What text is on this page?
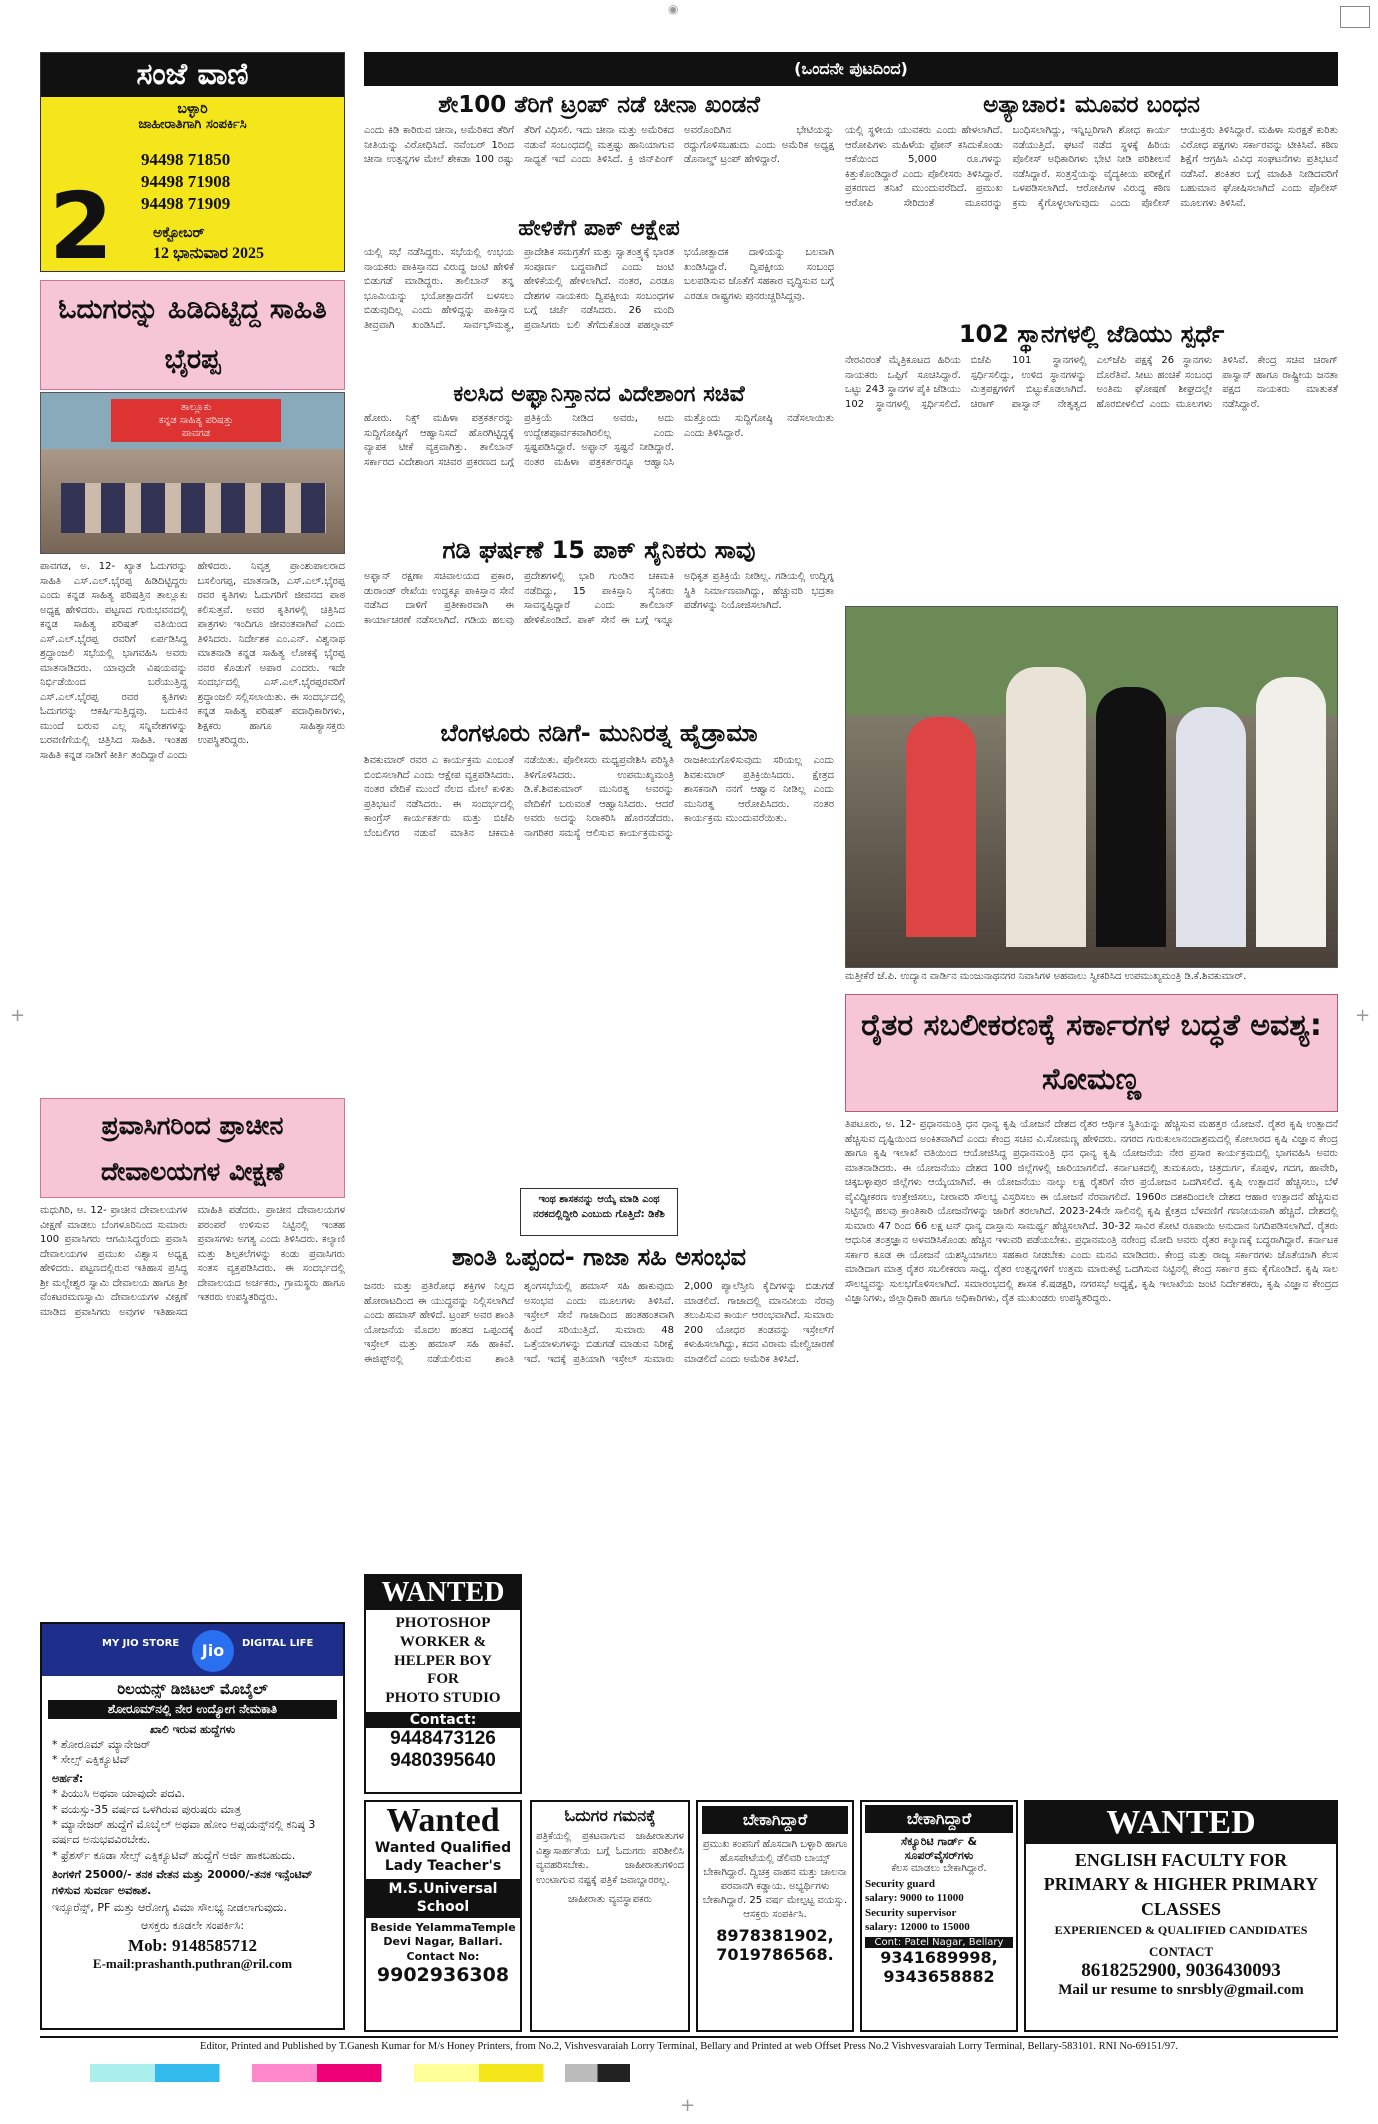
◉
+	+
+
ಸಂಜೆ ವಾಣಿ
ಬಳ್ಳಾರಿ
ಜಾಹೀರಾತಿಗಾಗಿ ಸಂಪರ್ಕಿಸಿ
2
94498 71850
94498 71908
94498 71909
ಅಕ್ಟೋಬರ್
12 ಭಾನುವಾರ 2025
ಓದುಗರನ್ನು ಹಿಡಿದಿಟ್ಟಿದ್ದ ಸಾಹಿತಿ ಭೈರಪ್ಪ
ತಾಲ್ಲೂಕು
ಕನ್ನಡ ಸಾಹಿತ್ಯ ಪರಿಷತ್ತು
ಪಾವಗಡ
ಪಾವಗಡ, ಅ. 12- ಖ್ಯಾತ ಓದುಗರನ್ನು ಸಾಹಿತಿ ಎಸ್.ಎಲ್.ಭೈರಪ್ಪ ಹಿಡಿದಿಟ್ಟಿದ್ದರು ಎಂದು ಕನ್ನಡ ಸಾಹಿತ್ಯ ಪರಿಷತ್ತಿನ ತಾಲ್ಲೂಕು ಅಧ್ಯಕ್ಷ ಹೇಳಿದರು. ಪಟ್ಟಣದ ಗುರುಭವನದಲ್ಲಿ ಕನ್ನಡ ಸಾಹಿತ್ಯ ಪರಿಷತ್ ವತಿಯಿಂದ ಎಸ್.ಎಲ್.ಭೈರಪ್ಪ ರವರಿಗೆ ಏರ್ಪಡಿಸಿದ್ದ ಶ್ರದ್ಧಾಂಜಲಿ ಸಭೆಯಲ್ಲಿ ಭಾಗವಹಿಸಿ ಅವರು ಮಾತನಾಡಿದರು. ಯಾವುದೇ ವಿಷಯವನ್ನು ನಿರ್ಭಿಡೆಯಿಂದ ಬರೆಯುತ್ತಿದ್ದ ಎಸ್.ಎಲ್.ಭೈರಪ್ಪ ರವರ ಕೃತಿಗಳು ಓದುಗರನ್ನು ಆಕರ್ಷಿಸುತ್ತಿದ್ದವು. ಬದುಕಿನ ಮುಂದೆ ಬರುವ ಎಲ್ಲ ಸನ್ನಿವೇಶಗಳನ್ನು ಬರವಣಿಗೆಯಲ್ಲಿ ಚಿತ್ರಿಸಿದ ಸಾಹಿತಿ. ಇಂತಹ ಸಾಹಿತಿ ಕನ್ನಡ ನಾಡಿಗೆ ಕೀರ್ತಿ ತಂದಿದ್ದಾರೆ ಎಂದು ಹೇಳಿದರು. ನಿವೃತ್ತ ಪ್ರಾಂಶುಪಾಲರಾದ ಬಸಲಿಂಗಪ್ಪ, ಮಾತನಾಡಿ, ಎಸ್.ಎಲ್.ಭೈರಪ್ಪ ರವರ ಕೃತಿಗಳು ಓದುಗರಿಗೆ ಜೀವನದ ಪಾಠ ಕಲಿಸುತ್ತವೆ. ಅವರ ಕೃತಿಗಳಲ್ಲಿ ಚಿತ್ರಿಸಿದ ಪಾತ್ರಗಳು ಇಂದಿಗೂ ಜೀವಂತವಾಗಿವೆ ಎಂದು ತಿಳಿಸಿದರು. ನಿರ್ದೇಶಕ ಎಂ.ಎನ್. ವಿಶ್ವನಾಥ ಮಾತನಾಡಿ ಕನ್ನಡ ಸಾಹಿತ್ಯ ಲೋಕಕ್ಕೆ ಭೈರಪ್ಪ ನವರ ಕೊಡುಗೆ ಅಪಾರ ಎಂದರು. ಇದೇ ಸಂದರ್ಭದಲ್ಲಿ ಎಸ್.ಎಲ್.ಭೈರಪ್ಪರವರಿಗೆ ಶ್ರದ್ಧಾಂಜಲಿ ಸಲ್ಲಿಸಲಾಯಿತು. ಈ ಸಂದರ್ಭದಲ್ಲಿ ಕನ್ನಡ ಸಾಹಿತ್ಯ ಪರಿಷತ್ ಪದಾಧಿಕಾರಿಗಳು, ಶಿಕ್ಷಕರು ಹಾಗೂ ಸಾಹಿತ್ಯಾಸಕ್ತರು ಉಪಸ್ಥಿತರಿದ್ದರು.
ಪ್ರವಾಸಿಗರಿಂದ ಪ್ರಾಚೀನ ದೇವಾಲಯಗಳ ವೀಕ್ಷಣೆ
ಮಧುಗಿರಿ, ಅ. 12- ಪ್ರಾಚೀನ ದೇವಾಲಯಗಳ ವೀಕ್ಷಣೆ ಮಾಡಲು ಬೆಂಗಳೂರಿನಿಂದ ಸುಮಾರು 100 ಪ್ರವಾಸಿಗರು ಆಗಮಿಸಿದ್ದರೆಂದು ಪ್ರವಾಸಿ ದೇವಾಲಯಗಳ ಪ್ರಮುಖ ವಿಶ್ವಾಸ ಅಧ್ಯಕ್ಷ ಹೇಳಿದರು. ಪಟ್ಟಣದಲ್ಲಿರುವ ಇತಿಹಾಸ ಪ್ರಸಿದ್ಧ ಶ್ರೀ ಮಲ್ಲೇಶ್ವರ ಸ್ವಾಮಿ ದೇವಾಲಯ ಹಾಗೂ ಶ್ರೀ ವೆಂಕಟರಮಣಸ್ವಾಮಿ ದೇವಾಲಯಗಳ ವೀಕ್ಷಣೆ ಮಾಡಿದ ಪ್ರವಾಸಿಗರು ಅವುಗಳ ಇತಿಹಾಸದ ಮಾಹಿತಿ ಪಡೆದರು. ಪ್ರಾಚೀನ ದೇವಾಲಯಗಳ ಪರಂಪರೆ ಉಳಿಸುವ ನಿಟ್ಟಿನಲ್ಲಿ ಇಂತಹ ಪ್ರವಾಸಗಳು ಅಗತ್ಯ ಎಂದು ತಿಳಿಸಿದರು. ಕಲ್ಯಾಣಿ ಮತ್ತು ಶಿಲ್ಪಕಲೆಗಳನ್ನು ಕಂಡು ಪ್ರವಾಸಿಗರು ಸಂತಸ ವ್ಯಕ್ತಪಡಿಸಿದರು. ಈ ಸಂದರ್ಭದಲ್ಲಿ ದೇವಾಲಯದ ಅರ್ಚಕರು, ಗ್ರಾಮಸ್ಥರು ಹಾಗೂ ಇತರರು ಉಪಸ್ಥಿತರಿದ್ದರು.
MY JIO STORE	Jio	DIGITAL LIFE
ರಿಲಯನ್ಸ್ ಡಿಜಿಟಲ್ ಮೊಬೈಲ್
ಶೋರೂಮ್‌ನಲ್ಲಿ ನೇರ ಉದ್ಯೋಗ ನೇಮಕಾತಿ
ಖಾಲಿ ಇರುವ ಹುದ್ದೆಗಳು
* ಶೋರೂಮ್ ಮ್ಯಾನೇಜರ್
* ಸೇಲ್ಸ್ ಎಕ್ಸಿಕ್ಯೂಟಿವ್
ಅರ್ಹತೆ:
* ಪಿಯುಸಿ ಅಥವಾ ಯಾವುದೇ ಪದವಿ.
* ವಯಸ್ಸು-35 ವರ್ಷದ ಒಳಗಿರುವ ಪುರುಷರು ಮಾತ್ರ
* ಮ್ಯಾನೇಜರ್ ಹುದ್ದೆಗೆ ಮೊಬೈಲ್ ಅಥವಾ ಹೋಂ ಅಪ್ಲಯನ್ಸ್‌ನಲ್ಲಿ ಕನಿಷ್ಠ 3 ವರ್ಷದ ಅನುಭವವಿರಬೇಕು.
* ಫ್ರೆಶರ್ಸ್ ಕೂಡಾ ಸೇಲ್ಸ್ ಎಕ್ಸಿಕ್ಯೂಟಿವ್ ಹುದ್ದೆಗೆ ಅರ್ಜಿ ಹಾಕಬಹುದು.
ತಿಂಗಳಿಗೆ 25000/- ತನಕ ವೇತನ ಮತ್ತು 20000/-ತನಕ ಇನ್ಸೆಂಟಿವ್ ಗಳಿಸುವ ಸುವರ್ಣ ಅವಕಾಶ.
ಇನ್ಸೂರೆನ್ಸ್, PF ಮತ್ತು ಆರೋಗ್ಯ ವಿಮಾ ಸೌಲಭ್ಯ ನೀಡಲಾಗುವುದು.
ಆಸಕ್ತರು ಕೂಡಲೇ ಸಂಪರ್ಕಿಸಿ:
Mob: 9148585712
E-mail:prashanth.puthran@ril.com
(ಒಂದನೇ ಪುಟದಿಂದ)
ಶೇ100 ತೆರಿಗೆ ಟ್ರಂಪ್ ನಡೆ ಚೀನಾ ಖಂಡನೆ
ಎಂದು ಕಿಡಿ ಕಾರಿರುವ ಚೀನಾ, ಅಮೆರಿಕದ ತೆರಿಗೆ ನೀತಿಯನ್ನು ವಿರೋಧಿಸಿದೆ. ನವೆಂಬರ್ 1ರಿಂದ ಚೀನಾ ಉತ್ಪನ್ನಗಳ ಮೇಲೆ ಶೇಕಡಾ 100 ರಷ್ಟು ತೆರಿಗೆ ವಿಧಿಸಲಿ. ಇದು ಚೀನಾ ಮತ್ತು ಅಮೆರಿಕದ ನಡುವೆ ಸಂಬಂಧದಲ್ಲಿ ಮತ್ತಷ್ಟು ಹಾನಿಯಾಗುವ ಸಾಧ್ಯತೆ ಇದೆ ಎಂದು ತಿಳಿಸಿದೆ. ಕ್ರಿ ಜಿನ್‌ಪಿಂಗ್ ಅವರೊಂದಿಗಿನ ಭೇಟಿಯನ್ನು ರದ್ದುಗೊಳಿಸಬಹುದು ಎಂದು ಅಮೆರಿಕ ಅಧ್ಯಕ್ಷ ಡೊನಾಲ್ಡ್ ಟ್ರಂಪ್ ಹೇಳಿದ್ದಾರೆ.
ಹೇಳಿಕೆಗೆ ಪಾಕ್ ಆಕ್ಷೇಪ
ಯಲ್ಲಿ ಸಭೆ ನಡೆಸಿದ್ದರು. ಸಭೆಯಲ್ಲಿ ಉಭಯ ನಾಯಕರು ಪಾಕಿಸ್ತಾನದ ವಿರುದ್ಧ ಜಂಟಿ ಹೇಳಿಕೆ ಬಿಡುಗಡೆ ಮಾಡಿದ್ದರು. ತಾಲಿಬಾನ್ ತನ್ನ ಭೂಮಿಯನ್ನು ಭಯೋತ್ಪಾದನೆಗೆ ಬಳಸಲು ಬಿಡುವುದಿಲ್ಲ ಎಂದು ಹೇಳಿದ್ದನ್ನು ಪಾಕಿಸ್ತಾನ ತೀವ್ರವಾಗಿ ಖಂಡಿಸಿದೆ. ಸಾರ್ವಭೌಮತ್ವ, ಪ್ರಾದೇಶಿಕ ಸಮಗ್ರತೆಗೆ ಮತ್ತು ಸ್ವಾತಂತ್ರ್ಯಕ್ಕೆ ಭಾರತ ಸಂಪೂರ್ಣ ಬದ್ಧವಾಗಿದೆ ಎಂದು ಜಂಟಿ ಹೇಳಿಕೆಯಲ್ಲಿ ಹೇಳಲಾಗಿದೆ. ನಂತರ, ಎರಡೂ ದೇಶಗಳ ನಾಯಕರು ದ್ವಿಪಕ್ಷೀಯ ಸಂಬಂಧಗಳ ಬಗ್ಗೆ ಚರ್ಚೆ ನಡೆಸಿದರು. 26 ಮಂದಿ ಪ್ರವಾಸಿಗರು ಬಲಿ ತೆಗೆದುಕೊಂಡ ಪಹಲ್ಗಾಮ್ ಭಯೋತ್ಪಾದಕ ದಾಳಿಯನ್ನು ಬಲವಾಗಿ ಖಂಡಿಸಿದ್ದಾರೆ. ದ್ವಿಪಕ್ಷೀಯ ಸಂಬಂಧ ಬಲಪಡಿಸುವ ಜೊತೆಗೆ ಸಹಕಾರ ವೃದ್ಧಿಸುವ ಬಗ್ಗೆ ಎರಡೂ ರಾಷ್ಟ್ರಗಳು ಪುನರುಚ್ಚರಿಸಿದ್ದವು.
ಕಲಸಿದ ಅಫ್ಘಾನಿಸ್ತಾನದ ವಿದೇಶಾಂಗ ಸಚಿವೆ
ಹೋರು. ನಿಕ್ಸ್ ಮಹಿಳಾ ಪತ್ರಕರ್ತರನ್ನು ಸುದ್ದಿಗೋಷ್ಠಿಗೆ ಆಹ್ವಾನಿಸದೆ ಹೊರಗಿಟ್ಟಿದ್ದಕ್ಕೆ ವ್ಯಾಪಕ ಟೀಕೆ ವ್ಯಕ್ತವಾಗಿತ್ತು. ತಾಲಿಬಾನ್ ಸರ್ಕಾರದ ವಿದೇಶಾಂಗ ಸಚಿವರ ಪ್ರಕರಣದ ಬಗ್ಗೆ ಪ್ರತಿಕ್ರಿಯೆ ನೀಡಿದ ಅವರು, ಅದು ಉದ್ದೇಶಪೂರ್ವಕವಾಗಿರಲಿಲ್ಲ ಎಂದು ಸ್ಪಷ್ಟಪಡಿಸಿದ್ದಾರೆ. ಅಫ್ಘಾನ್ ಸ್ಪಷ್ಟನೆ ನೀಡಿದ್ದಾರೆ. ನಂತರ ಮಹಿಳಾ ಪತ್ರಕರ್ತರನ್ನೂ ಆಹ್ವಾನಿಸಿ ಮತ್ತೊಂದು ಸುದ್ದಿಗೋಷ್ಠಿ ನಡೆಸಲಾಯಿತು ಎಂದು ತಿಳಿಸಿದ್ದಾರೆ.
ಗಡಿ ಘರ್ಷಣೆ 15 ಪಾಕ್ ಸೈನಿಕರು ಸಾವು
ಅಫ್ಘಾನ್ ರಕ್ಷಣಾ ಸಚಿವಾಲಯದ ಪ್ರಕಾರ, ಡುರಾಂಡ್ ರೇಖೆಯ ಉದ್ದಕ್ಕೂ ಪಾಕಿಸ್ತಾನ ಸೇನೆ ನಡೆಸಿದ ದಾಳಿಗೆ ಪ್ರತೀಕಾರವಾಗಿ ಈ ಕಾರ್ಯಾಚರಣೆ ನಡೆಸಲಾಗಿದೆ. ಗಡಿಯ ಹಲವು ಪ್ರದೇಶಗಳಲ್ಲಿ ಭಾರಿ ಗುಂಡಿನ ಚಕಮಕಿ ನಡೆದಿದ್ದು, 15 ಪಾಕಿಸ್ತಾನಿ ಸೈನಿಕರು ಸಾವನ್ನಪ್ಪಿದ್ದಾರೆ ಎಂದು ತಾಲಿಬಾನ್ ಹೇಳಿಕೊಂಡಿದೆ. ಪಾಕ್ ಸೇನೆ ಈ ಬಗ್ಗೆ ಇನ್ನೂ ಅಧಿಕೃತ ಪ್ರತಿಕ್ರಿಯೆ ನೀಡಿಲ್ಲ. ಗಡಿಯಲ್ಲಿ ಉದ್ವಿಗ್ನ ಸ್ಥಿತಿ ನಿರ್ಮಾಣವಾಗಿದ್ದು, ಹೆಚ್ಚುವರಿ ಭದ್ರತಾ ಪಡೆಗಳನ್ನು ನಿಯೋಜಿಸಲಾಗಿದೆ.
ಬೆಂಗಳೂರು ನಡಿಗೆ- ಮುನಿರತ್ನ ಹೈಡ್ರಾಮಾ
ಶಿವಕುಮಾರ್ ರವರ ಎ ಕಾರ್ಯಕ್ರಮ ಎಂಬಂತೆ ಬಿಂಬಿಸಲಾಗಿದೆ ಎಂದು ಆಕ್ಷೇಪ ವ್ಯಕ್ತಪಡಿಸಿದರು. ನಂತರ ವೇದಿಕೆ ಮುಂದೆ ನೆಲದ ಮೇಲೆ ಕುಳಿತು ಪ್ರತಿಭಟನೆ ನಡೆಸಿದರು. ಈ ಸಂದರ್ಭದಲ್ಲಿ ಕಾಂಗ್ರೆಸ್ ಕಾರ್ಯಕರ್ತರು ಮತ್ತು ಬಿಜೆಪಿ ಬೆಂಬಲಿಗರ ನಡುವೆ ಮಾತಿನ ಚಕಮಕಿ ನಡೆಯಿತು. ಪೊಲೀಸರು ಮಧ್ಯಪ್ರವೇಶಿಸಿ ಪರಿಸ್ಥಿತಿ ತಿಳಿಗೊಳಿಸಿದರು. ಉಪಮುಖ್ಯಮಂತ್ರಿ ಡಿ.ಕೆ.ಶಿವಕುಮಾರ್ ಮುನಿರತ್ನ ಅವರನ್ನು ವೇದಿಕೆಗೆ ಬರುವಂತೆ ಆಹ್ವಾನಿಸಿದರು. ಆದರೆ ಅವರು ಅದನ್ನು ನಿರಾಕರಿಸಿ ಹೊರನಡೆದರು. ನಾಗರಿಕರ ಸಮಸ್ಯೆ ಆಲಿಸುವ ಕಾರ್ಯಕ್ರಮವನ್ನು ರಾಜಕೀಯಗೊಳಿಸುವುದು ಸರಿಯಲ್ಲ ಎಂದು ಶಿವಕುಮಾರ್ ಪ್ರತಿಕ್ರಿಯಿಸಿದರು. ಕ್ಷೇತ್ರದ ಶಾಸಕನಾಗಿ ನನಗೆ ಆಹ್ವಾನ ನೀಡಿಲ್ಲ ಎಂದು ಮುನಿರತ್ನ ಆರೋಪಿಸಿದರು. ನಂತರ ಕಾರ್ಯಕ್ರಮ ಮುಂದುವರೆಯಿತು.
ಇಂಥ ಶಾಸಕನನ್ನು ಆಯ್ಕೆ ಮಾಡಿ ಎಂಥ ನರಕದಲ್ಲಿದ್ದೀರಿ ಎಂಬುದು ಗೊತ್ತಿದೆ: ಡಿಕೆಶಿ
ಶಾಂತಿ ಒಪ್ಪಂದ- ಗಾಜಾ ಸಹಿ ಅಸಂಭವ
ಜನರು ಮತ್ತು ಪ್ರತಿರೋಧ ಶಕ್ತಿಗಳ ನಿಲ್ಲದ ಹೋರಾಟದಿಂದ ಈ ಯುದ್ಧವನ್ನು ನಿಲ್ಲಿಸಲಾಗಿದೆ ಎಂದು ಹಮಾಸ್ ಹೇಳಿದೆ. ಟ್ರಂಪ್ ಅವರ ಶಾಂತಿ ಯೋಜನೆಯ ಮೊದಲ ಹಂತದ ಒಪ್ಪಂದಕ್ಕೆ ಇಸ್ರೇಲ್ ಮತ್ತು ಹಮಾಸ್ ಸಹಿ ಹಾಕಿವೆ. ಈಜಿಪ್ಟ್‌ನಲ್ಲಿ ನಡೆಯಲಿರುವ ಶಾಂತಿ ಶೃಂಗಸಭೆಯಲ್ಲಿ ಹಮಾಸ್ ಸಹಿ ಹಾಕುವುದು ಅಸಂಭವ ಎಂದು ಮೂಲಗಳು ತಿಳಿಸಿವೆ. ಇಸ್ರೇಲ್ ಸೇನೆ ಗಾಜಾದಿಂದ ಹಂತಹಂತವಾಗಿ ಹಿಂದೆ ಸರಿಯುತ್ತಿದೆ. ಸುಮಾರು 48 ಒತ್ತೆಯಾಳುಗಳನ್ನು ಬಿಡುಗಡೆ ಮಾಡುವ ನಿರೀಕ್ಷೆ ಇದೆ. ಇದಕ್ಕೆ ಪ್ರತಿಯಾಗಿ ಇಸ್ರೇಲ್ ಸುಮಾರು 2,000 ಪ್ಯಾಲೆಸ್ತೀನಿ ಕೈದಿಗಳನ್ನು ಬಿಡುಗಡೆ ಮಾಡಲಿದೆ. ಗಾಜಾದಲ್ಲಿ ಮಾನವೀಯ ನೆರವು ತಲುಪಿಸುವ ಕಾರ್ಯ ಆರಂಭವಾಗಿದೆ. ಸುಮಾರು 200 ಯೋಧರ ತಂಡವನ್ನು ಇಸ್ರೇಲ್‌ಗೆ ಕಳುಹಿಸಲಾಗಿದ್ದು, ಕದನ ವಿರಾಮ ಮೇಲ್ವಿಚಾರಣೆ ಮಾಡಲಿದೆ ಎಂದು ಅಮೆರಿಕ ತಿಳಿಸಿದೆ.
ಅತ್ಯಾಚಾರ: ಮೂವರ ಬಂಧನ
ಯಲ್ಲಿ ಸ್ಥಳೀಯ ಯುವಕರು ಎಂದು ಹೇಳಲಾಗಿದೆ. ಆರೋಪಿಗಳು ಮಹಿಳೆಯ ಫೋನ್ ಕಸಿದುಕೊಂಡು ಆಕೆಯಿಂದ 5,000 ರೂ.ಗಳನ್ನು ಕಿತ್ತುಕೊಂಡಿದ್ದಾರೆ ಎಂದು ಪೊಲೀಸರು ತಿಳಿಸಿದ್ದಾರೆ. ಪ್ರಕರಣದ ತನಿಖೆ ಮುಂದುವರೆದಿದೆ. ಪ್ರಮುಖ ಆರೋಪಿ ಸೇರಿದಂತೆ ಮೂವರನ್ನು ಬಂಧಿಸಲಾಗಿದ್ದು, ಇನ್ನಿಬ್ಬರಿಗಾಗಿ ಶೋಧ ಕಾರ್ಯ ನಡೆಯುತ್ತಿದೆ. ಘಟನೆ ನಡೆದ ಸ್ಥಳಕ್ಕೆ ಹಿರಿಯ ಪೊಲೀಸ್ ಅಧಿಕಾರಿಗಳು ಭೇಟಿ ನೀಡಿ ಪರಿಶೀಲನೆ ನಡೆಸಿದ್ದಾರೆ. ಸಂತ್ರಸ್ತೆಯನ್ನು ವೈದ್ಯಕೀಯ ಪರೀಕ್ಷೆಗೆ ಒಳಪಡಿಸಲಾಗಿದೆ. ಆರೋಪಿಗಳ ವಿರುದ್ಧ ಕಠಿಣ ಕ್ರಮ ಕೈಗೊಳ್ಳಲಾಗುವುದು ಎಂದು ಪೊಲೀಸ್ ಆಯುಕ್ತರು ತಿಳಿಸಿದ್ದಾರೆ. ಮಹಿಳಾ ಸುರಕ್ಷತೆ ಕುರಿತು ವಿರೋಧ ಪಕ್ಷಗಳು ಸರ್ಕಾರವನ್ನು ಟೀಕಿಸಿವೆ. ಕಠಿಣ ಶಿಕ್ಷೆಗೆ ಆಗ್ರಹಿಸಿ ವಿವಿಧ ಸಂಘಟನೆಗಳು ಪ್ರತಿಭಟನೆ ನಡೆಸಿವೆ. ಶಂಕಿತರ ಬಗ್ಗೆ ಮಾಹಿತಿ ನೀಡಿದವರಿಗೆ ಬಹುಮಾನ ಘೋಷಿಸಲಾಗಿದೆ ಎಂದು ಪೊಲೀಸ್ ಮೂಲಗಳು ತಿಳಿಸಿವೆ.
102 ಸ್ಥಾನಗಳಲ್ಲಿ ಜೆಡಿಯು ಸ್ಪರ್ಧೆ
ನೇರವಿರಂತೆ ಮೈತ್ರಿಕೂಟದ ಹಿರಿಯ ನಾಯಕರು ಒಪ್ಪಿಗೆ ಸೂಚಿಸಿದ್ದಾರೆ. ಒಟ್ಟು 243 ಸ್ಥಾನಗಳ ಪೈಕಿ ಜೆಡಿಯು 102 ಸ್ಥಾನಗಳಲ್ಲಿ ಸ್ಪರ್ಧಿಸಲಿದೆ. ಬಿಜೆಪಿ 101 ಸ್ಥಾನಗಳಲ್ಲಿ ಸ್ಪರ್ಧಿಸಲಿದ್ದು, ಉಳಿದ ಸ್ಥಾನಗಳನ್ನು ಮಿತ್ರಪಕ್ಷಗಳಿಗೆ ಬಿಟ್ಟುಕೊಡಲಾಗಿದೆ. ಚಿರಾಗ್ ಪಾಸ್ವಾನ್ ನೇತೃತ್ವದ ಎಲ್‌ಜೆಪಿ ಪಕ್ಷಕ್ಕೆ 26 ಸ್ಥಾನಗಳು ದೊರೆತಿವೆ. ಸೀಟು ಹಂಚಿಕೆ ಸಂಬಂಧ ಅಂತಿಮ ಘೋಷಣೆ ಶೀಘ್ರದಲ್ಲೇ ಹೊರಬೀಳಲಿದೆ ಎಂದು ಮೂಲಗಳು ತಿಳಿಸಿವೆ. ಕೇಂದ್ರ ಸಚಿವ ಚಿರಾಗ್ ಪಾಸ್ವಾನ್ ಹಾಗೂ ರಾಷ್ಟ್ರೀಯ ಜನತಾ ಪಕ್ಷದ ನಾಯಕರು ಮಾತುಕತೆ ನಡೆಸಿದ್ದಾರೆ.
ಮತ್ತೀಕೆರೆ ಜೆ.ಪಿ. ಉದ್ಯಾನ ವಾರ್ಡಿನ ಮಂಜುನಾಥನಗರ ನಿವಾಸಿಗಳ ಅಹವಾಲು ಸ್ವೀಕರಿಸಿದ ಉಪಮುಖ್ಯಮಂತ್ರಿ ಡಿ.ಕೆ.ಶಿವಕುಮಾರ್.
ರೈತರ ಸಬಲೀಕರಣಕ್ಕೆ ಸರ್ಕಾರಗಳ ಬದ್ಧತೆ ಅವಶ್ಯ: ಸೋಮಣ್ಣ
ತಿಪಟೂರು, ಅ. 12- ಪ್ರಧಾನಮಂತ್ರಿ ಧನ ಧಾನ್ಯ ಕೃಷಿ ಯೋಜನೆ ದೇಶದ ರೈತರ ಆರ್ಥಿಕ ಸ್ಥಿತಿಯನ್ನು ಹೆಚ್ಚಿಸುವ ಮಹತ್ತರ ಯೋಜನೆ. ರೈತರ ಕೃಷಿ ಉತ್ಪಾದನೆ ಹೆಚ್ಚಿಸುವ ದೃಷ್ಟಿಯಿಂದ ಅಂಕಿತವಾಗಿದೆ ಎಂದು ಕೇಂದ್ರ ಸಚಿವ ವಿ.ಸೋಮಣ್ಣ ಹೇಳಿದರು. ನಗರದ ಗುರುಕುಲಾನಂದಾಶ್ರಮದಲ್ಲಿ ಕೋಲಾರದ ಕೃಷಿ ವಿಜ್ಞಾನ ಕೇಂದ್ರ ಹಾಗೂ ಕೃಷಿ ಇಲಾಖೆ ವತಿಯಿಂದ ಆಯೋಜಿಸಿದ್ದ ಪ್ರಧಾನಮಂತ್ರಿ ಧನ ಧಾನ್ಯ ಕೃಷಿ ಯೋಜನೆಯ ನೇರ ಪ್ರಸಾರ ಕಾರ್ಯಕ್ರಮದಲ್ಲಿ ಭಾಗವಹಿಸಿ ಅವರು ಮಾತನಾಡಿದರು. ಈ ಯೋಜನೆಯು ದೇಶದ 100 ಜಿಲ್ಲೆಗಳಲ್ಲಿ ಜಾರಿಯಾಗಲಿದೆ. ಕರ್ನಾಟಕದಲ್ಲಿ ತುಮಕೂರು, ಚಿತ್ರದುರ್ಗ, ಕೊಪ್ಪಳ, ಗದಗ, ಹಾವೇರಿ, ಚಿಕ್ಕಬಳ್ಳಾಪುರ ಜಿಲ್ಲೆಗಳು ಆಯ್ಕೆಯಾಗಿವೆ. ಈ ಯೋಜನೆಯು ನಾಲ್ಕು ಲಕ್ಷ ರೈತರಿಗೆ ನೇರ ಪ್ರಯೋಜನ ಒದಗಿಸಲಿದೆ. ಕೃಷಿ ಉತ್ಪಾದನೆ ಹೆಚ್ಚಿಸಲು, ಬೆಳೆ ವೈವಿಧ್ಯೀಕರಣ ಉತ್ತೇಜಿಸಲು, ನೀರಾವರಿ ಸೌಲಭ್ಯ ವಿಸ್ತರಿಸಲು ಈ ಯೋಜನೆ ನೆರವಾಗಲಿದೆ. 1960ರ ದಶಕದಿಂದಲೇ ದೇಶದ ಆಹಾರ ಉತ್ಪಾದನೆ ಹೆಚ್ಚಿಸುವ ನಿಟ್ಟಿನಲ್ಲಿ ಹಲವು ಕ್ರಾಂತಿಕಾರಿ ಯೋಜನೆಗಳನ್ನು ಜಾರಿಗೆ ತರಲಾಗಿದೆ. 2023-24ನೇ ಸಾಲಿನಲ್ಲಿ ಕೃಷಿ ಕ್ಷೇತ್ರದ ಬೆಳವಣಿಗೆ ಗಣನೀಯವಾಗಿ ಹೆಚ್ಚಿದೆ. ದೇಶದಲ್ಲಿ ಸುಮಾರು 47 ರಿಂದ 66 ಲಕ್ಷ ಟನ್ ಧಾನ್ಯ ದಾಸ್ತಾನು ಸಾಮರ್ಥ್ಯ ಹೆಚ್ಚಿಸಲಾಗಿದೆ. 30-32 ಸಾವಿರ ಕೋಟಿ ರೂಪಾಯಿ ಅನುದಾನ ನಿಗದಿಪಡಿಸಲಾಗಿದೆ. ರೈತರು ಆಧುನಿಕ ತಂತ್ರಜ್ಞಾನ ಅಳವಡಿಸಿಕೊಂಡು ಹೆಚ್ಚಿನ ಇಳುವರಿ ಪಡೆಯಬೇಕು. ಪ್ರಧಾನಮಂತ್ರಿ ನರೇಂದ್ರ ಮೋದಿ ಅವರು ರೈತರ ಕಲ್ಯಾಣಕ್ಕೆ ಬದ್ಧರಾಗಿದ್ದಾರೆ. ಕರ್ನಾಟಕ ಸರ್ಕಾರ ಕೂಡ ಈ ಯೋಜನೆ ಯಶಸ್ವಿಯಾಗಲು ಸಹಕಾರ ನೀಡಬೇಕು ಎಂದು ಮನವಿ ಮಾಡಿದರು. ಕೇಂದ್ರ ಮತ್ತು ರಾಜ್ಯ ಸರ್ಕಾರಗಳು ಜೊತೆಯಾಗಿ ಕೆಲಸ ಮಾಡಿದಾಗ ಮಾತ್ರ ರೈತರ ಸಬಲೀಕರಣ ಸಾಧ್ಯ. ರೈತರ ಉತ್ಪನ್ನಗಳಿಗೆ ಉತ್ತಮ ಮಾರುಕಟ್ಟೆ ಒದಗಿಸುವ ನಿಟ್ಟಿನಲ್ಲಿ ಕೇಂದ್ರ ಸರ್ಕಾರ ಕ್ರಮ ಕೈಗೊಂಡಿದೆ. ಕೃಷಿ ಸಾಲ ಸೌಲಭ್ಯವನ್ನು ಸುಲಭಗೊಳಿಸಲಾಗಿದೆ. ಸಮಾರಂಭದಲ್ಲಿ ಶಾಸಕ ಕೆ.ಷಡಕ್ಷರಿ, ನಗರಸಭೆ ಅಧ್ಯಕ್ಷೆ, ಕೃಷಿ ಇಲಾಖೆಯ ಜಂಟಿ ನಿರ್ದೇಶಕರು, ಕೃಷಿ ವಿಜ್ಞಾನ ಕೇಂದ್ರದ ವಿಜ್ಞಾನಿಗಳು, ಜಿಲ್ಲಾಧಿಕಾರಿ ಹಾಗೂ ಅಧಿಕಾರಿಗಳು, ರೈತ ಮುಖಂಡರು ಉಪಸ್ಥಿತರಿದ್ದರು.
WANTED
PHOTOSHOP
WORKER &
HELPER BOY
FOR
PHOTO STUDIO
Contact:
9448473126
9480395640
Wanted
Wanted Qualified
Lady Teacher's
M.S.Universal
School
Beside YelammaTemple
Devi Nagar, Ballari.
Contact No:
9902936308
ಓದುಗರ ಗಮನಕ್ಕೆ
ಪತ್ರಿಕೆಯಲ್ಲಿ ಪ್ರಕಟವಾಗುವ ಜಾಹೀರಾತುಗಳ ವಿಶ್ವಾಸಾರ್ಹತೆಯ ಬಗ್ಗೆ ಓದುಗರು ಪರಿಶೀಲಿಸಿ ವ್ಯವಹರಿಸಬೇಕು. ಜಾಹೀರಾತುಗಳಿಂದ ಉಂಟಾಗುವ ನಷ್ಟಕ್ಕೆ ಪತ್ರಿಕೆ ಜವಾಬ್ದಾರರಲ್ಲ.
ಜಾಹೀರಾತು ವ್ಯವಸ್ಥಾಪಕರು
ಬೇಕಾಗಿದ್ದಾರೆ
ಪ್ರಮುಖ ಕಂಪನಿಗೆ ಹೊಸದಾಗಿ ಬಳ್ಳಾರಿ ಹಾಗೂ ಹೊಸಪೇಟೆಯಲ್ಲಿ ಡೆಲಿವರಿ ಬಾಯ್ಸ್ ಬೇಕಾಗಿದ್ದಾರೆ. ದ್ವಿಚಕ್ರ ವಾಹನ ಮತ್ತು ಚಾಲನಾ ಪರವಾನಗಿ ಕಡ್ಡಾಯ. ಅಭ್ಯರ್ಥಿಗಳು ಬೇಕಾಗಿದ್ದಾರೆ. 25 ವರ್ಷ ಮೇಲ್ಪಟ್ಟ ವಯಸ್ಸು. ಆಸಕ್ತರು ಸಂಪರ್ಕಿಸಿ.
8978381902, 7019786568.
ಬೇಕಾಗಿದ್ದಾರೆ
ಸೆಕ್ಯೂರಿಟಿ ಗಾರ್ಡ್ & ಸೂಪರ್‌ವೈಸರ್‌ಗಳು
ಕೆಲಸ ಮಾಡಲು ಬೇಕಾಗಿದ್ದಾರೆ.
Security guard
salary: 9000 to 11000
Security supervisor
salary: 12000 to 15000
Cont: Patel Nagar, Bellary
9341689998,
9343658882
WANTED
ENGLISH FACULTY FOR
PRIMARY & HIGHER PRIMARY
CLASSES
EXPERIENCED & QUALIFIED CANDIDATES
CONTACT
8618252900, 9036430093
Mail ur resume to snrsbly@gmail.com
Editor, Printed and Published by T.Ganesh Kumar for M/s Honey Printers, from No.2, Vishvesvaraiah Lorry Terminal, Bellary and Printed at web Offset Press No.2 Vishvesvaraiah Lorry Terminal, Bellary-583101. RNI No-69151/97.
